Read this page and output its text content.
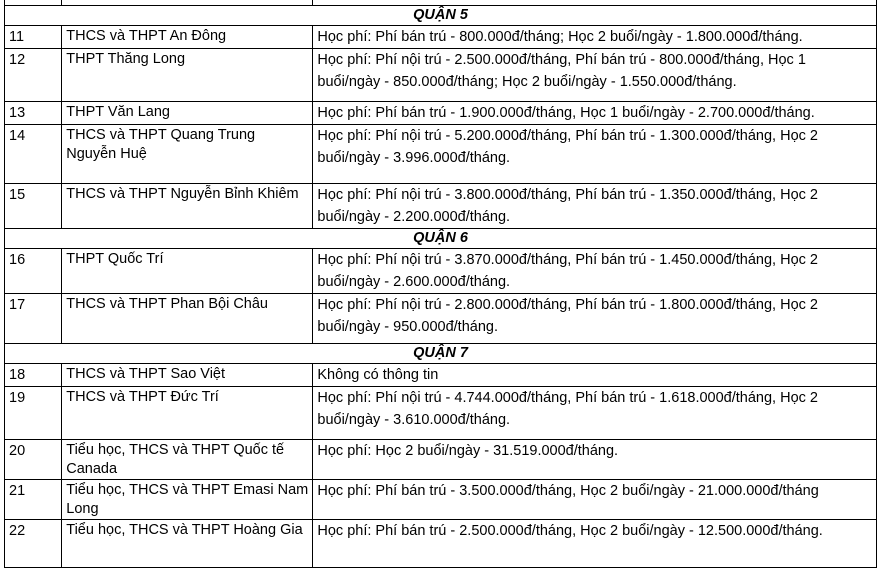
QUẬN 5		
11	THCS và THPT An Đông	Học phí: Phí bán trú - 800.000đ/tháng; Học 2 buổi/ngày - 1.800.000đ/tháng.
12	THPT Thăng Long	Học phí: Phí nội trú - 2.500.000đ/tháng, Phí bán trú - 800.000đ/tháng, Học 1 buổi/ngày - 850.000đ/tháng; Học 2 buổi/ngày - 1.550.000đ/tháng.
13	THPT Văn Lang	Học phí: Phí bán trú - 1.900.000đ/tháng, Học 1 buổi/ngày - 2.700.000đ/tháng.
14	THCS và THPT Quang Trung Nguyễn Huệ	Học phí: Phí nội trú - 5.200.000đ/tháng, Phí bán trú - 1.300.000đ/tháng, Học 2 buổi/ngày - 3.996.000đ/tháng.
15	THCS và THPT Nguyễn Bỉnh Khiêm	Học phí: Phí nội trú - 3.800.000đ/tháng, Phí bán trú - 1.350.000đ/tháng, Học 2 buổi/ngày - 2.200.000đ/tháng.
QUẬN 6		
16	THPT Quốc Trí	Học phí: Phí nội trú - 3.870.000đ/tháng, Phí bán trú - 1.450.000đ/tháng, Học 2 buổi/ngày - 2.600.000đ/tháng.
17	THCS và THPT Phan Bội Châu	Học phí: Phí nội trú - 2.800.000đ/tháng, Phí bán trú - 1.800.000đ/tháng, Học 2 buổi/ngày - 950.000đ/tháng.
QUẬN 7		
18	THCS và THPT Sao Việt	Không có thông tin
19	THCS và THPT Đức Trí	Học phí: Phí nội trú - 4.744.000đ/tháng, Phí bán trú - 1.618.000đ/tháng, Học 2 buổi/ngày - 3.610.000đ/tháng.
20	Tiểu học, THCS và THPT Quốc tế Canada	Học phí: Học 2 buổi/ngày - 31.519.000đ/tháng.
21	Tiểu học, THCS và THPT Emasi Nam Long	Học phí: Phí bán trú - 3.500.000đ/tháng, Học 2 buổi/ngày - 21.000.000đ/tháng
22	Tiểu học, THCS và THPT Hoàng Gia	Học phí: Phí bán trú - 2.500.000đ/tháng, Học 2 buổi/ngày - 12.500.000đ/tháng.
